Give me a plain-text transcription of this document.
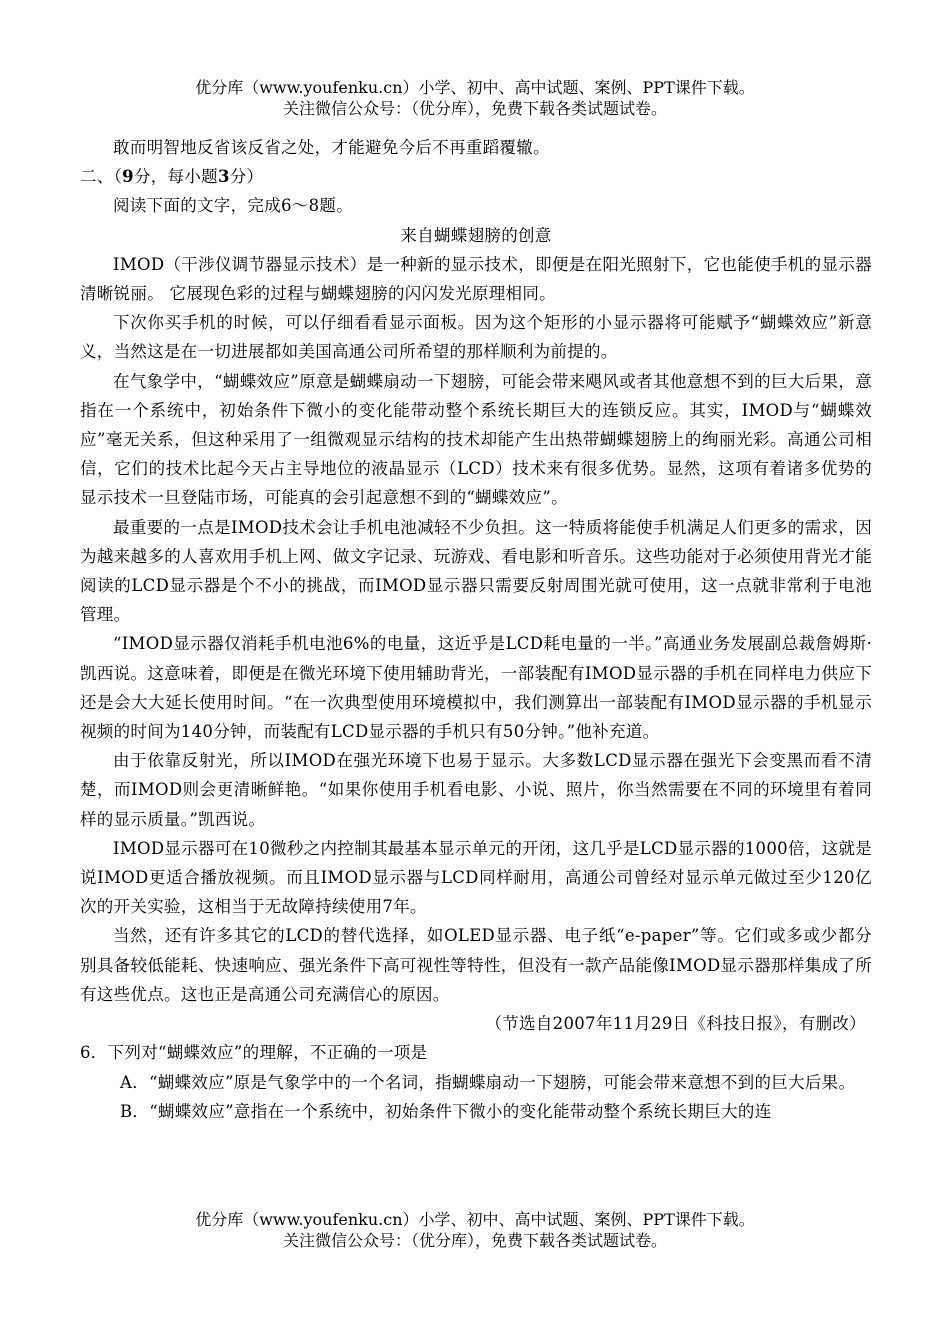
优分库（www.youfenku.cn）小学、初中、高中试题、案例、PPT课件下载。
关注微信公众号：（优分库），免费下载各类试题试卷。

敢而明智地反省该反省之处，才能避免今后不再重蹈覆辙。

二、（9分，每小题3分）

阅读下面的文字，完成6～8题。

来自蝴蝶翅膀的创意

IMOD（干涉仪调节器显示技术）是一种新的显示技术，即便是在阳光照射下，它也能使手机的显示器清晰锐丽。 它展现色彩的过程与蝴蝶翅膀的闪闪发光原理相同。

下次你买手机的时候，可以仔细看看显示面板。因为这个矩形的小显示器将可能赋予“蝴蝶效应”新意义，当然这是在一切进展都如美国高通公司所希望的那样顺利为前提的。

在气象学中，“蝴蝶效应”原意是蝴蝶扇动一下翅膀，可能会带来飓风或者其他意想不到的巨大后果，意指在一个系统中，初始条件下微小的变化能带动整个系统长期巨大的连锁反应。其实，IMOD与“蝴蝶效应”毫无关系，但这种采用了一组微观显示结构的技术却能产生出热带蝴蝶翅膀上的绚丽光彩。高通公司相信，它们的技术比起今天占主导地位的液晶显示（LCD）技术来有很多优势。显然，这项有着诸多优势的显示技术一旦登陆市场，可能真的会引起意想不到的“蝴蝶效应”。

最重要的一点是IMOD技术会让手机电池减轻不少负担。这一特质将能使手机满足人们更多的需求，因为越来越多的人喜欢用手机上网、做文字记录、玩游戏、看电影和听音乐。这些功能对于必须使用背光才能阅读的LCD显示器是个不小的挑战，而IMOD显示器只需要反射周围光就可使用，这一点就非常利于电池管理。

“IMOD显示器仅消耗手机电池6%的电量，这近乎是LCD耗电量的一半。”高通业务发展副总裁詹姆斯·凯西说。这意味着，即便是在微光环境下使用辅助背光，一部装配有IMOD显示器的手机在同样电力供应下还是会大大延长使用时间。“在一次典型使用环境模拟中，我们测算出一部装配有IMOD显示器的手机显示视频的时间为140分钟，而装配有LCD显示器的手机只有50分钟。”他补充道。

由于依靠反射光，所以IMOD在强光环境下也易于显示。大多数LCD显示器在强光下会变黑而看不清楚，而IMOD则会更清晰鲜艳。“如果你使用手机看电影、小说、照片，你当然需要在不同的环境里有着同样的显示质量。”凯西说。

IMOD显示器可在10微秒之内控制其最基本显示单元的开闭，这几乎是LCD显示器的1000倍，这就是说IMOD更适合播放视频。而且IMOD显示器与LCD同样耐用，高通公司曾经对显示单元做过至少120亿次的开关实验，这相当于无故障持续使用7年。

当然，还有许多其它的LCD的替代选择，如OLED显示器、电子纸“e-paper”等。它们或多或少都分别具备较低能耗、快速响应、强光条件下高可视性等特性，但没有一款产品能像IMOD显示器那样集成了所有这些优点。这也正是高通公司充满信心的原因。

（节选自2007年11月29日《科技日报》，有删改）

6．下列对“蝴蝶效应”的理解，不正确的一项是

A．“蝴蝶效应”原是气象学中的一个名词，指蝴蝶扇动一下翅膀，可能会带来意想不到的巨大后果。

B．“蝴蝶效应”意指在一个系统中，初始条件下微小的变化能带动整个系统长期巨大的连

优分库（www.youfenku.cn）小学、初中、高中试题、案例、PPT课件下载。
关注微信公众号：（优分库），免费下载各类试题试卷。
